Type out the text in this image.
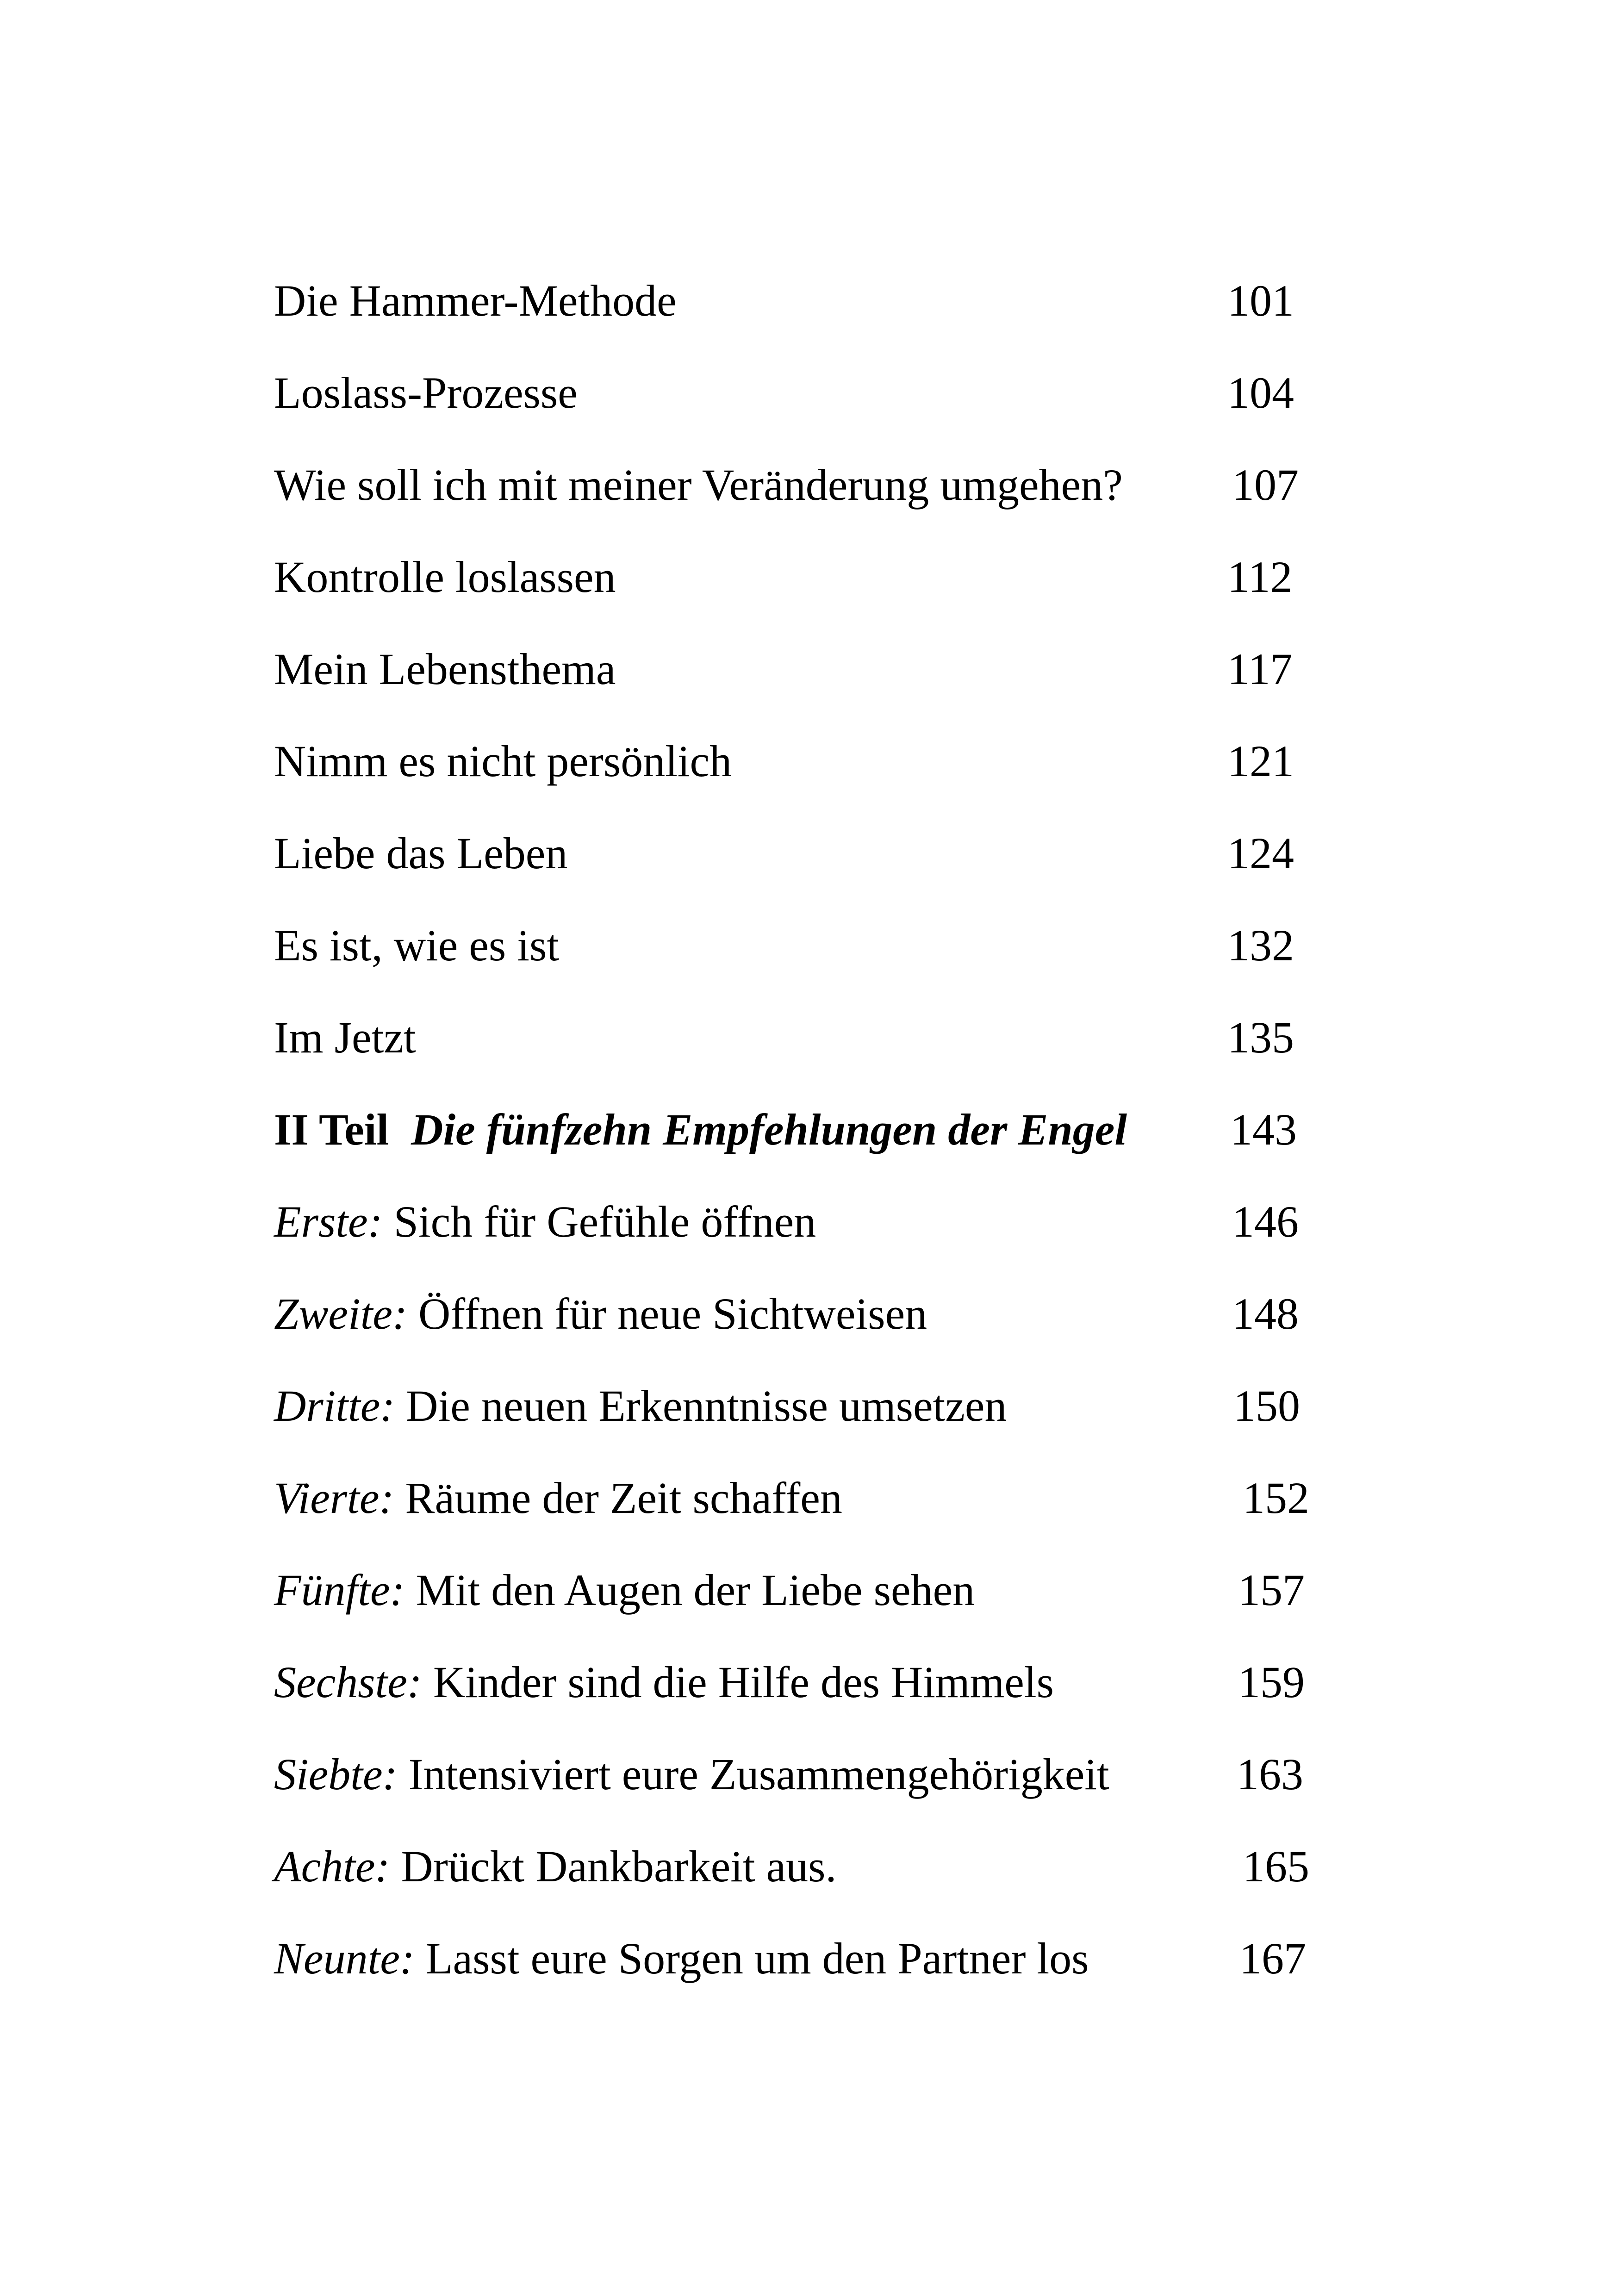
Die Hammer-Methode	101
Loslass-Prozesse	104
Wie soll ich mit meiner Veränderung umgehen? 107
Kontrolle loslassen	112
Mein Lebensthema	117
Nimm es nicht persönlich	121
Liebe das Leben	124
Es ist, wie es ist	132
Im Jetzt	135
II Teil Die fünfzehn Empfehlungen der Engel 143
Erste: Sich für Gefühle öffnen	146
Zweite: Öffnen für neue Sichtweisen	148
Dritte: Die neuen Erkenntnisse umsetzen	150
Vierte: Räume der Zeit schaffen	152
Fünfte: Mit den Augen der Liebe sehen	157
Sechste: Kinder sind die Hilfe des Himmels	159
Siebte: Intensiviert eure Zusammengehörigkeit	163
Achte: Drückt Dankbarkeit aus.	165
Neunte: Lasst eure Sorgen um den Partner los	167
